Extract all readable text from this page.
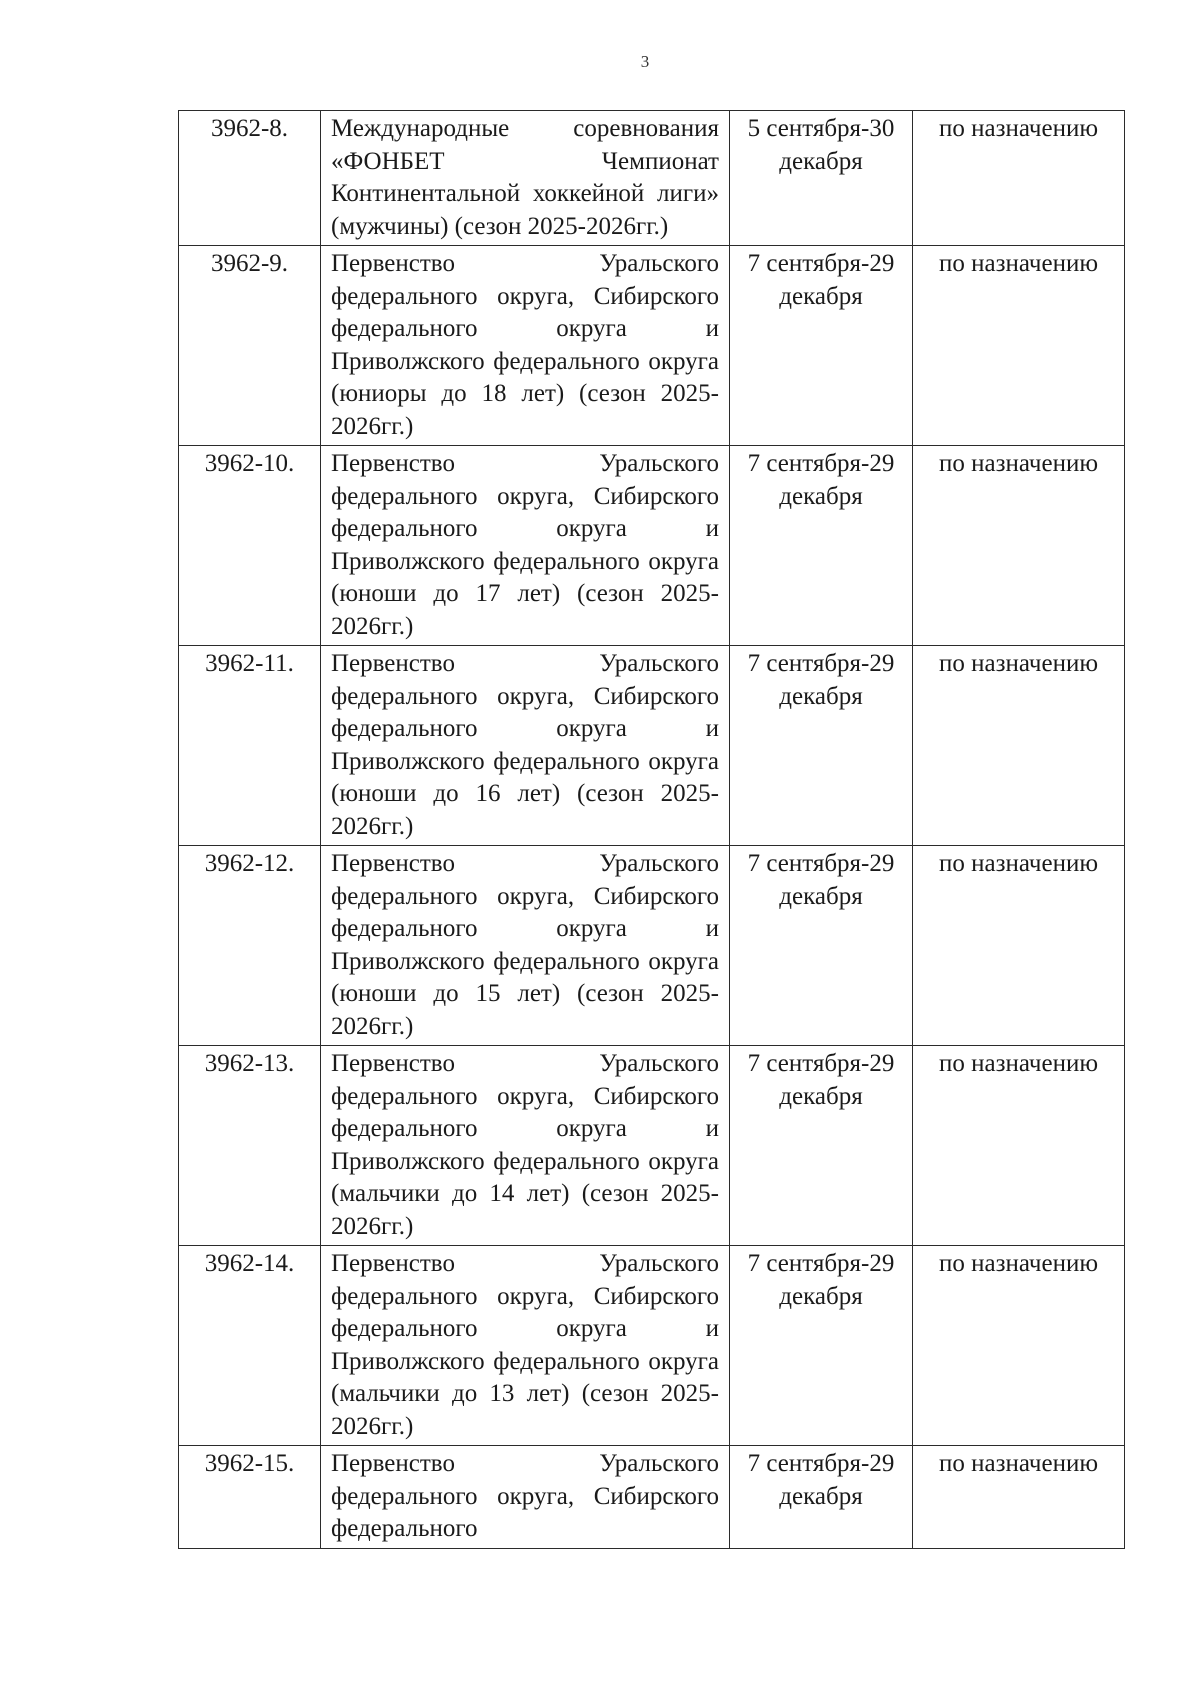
3
3962-8.	Международные соревнования «ФОНБЕТ Чемпионат Континентальной хоккейной лиги» (мужчины) (сезон 2025-2026гг.)	5 сентября-30 декабря	по назначению
3962-9.	Первенство Уральского федерального округа, Сибирского федерального округа и Приволжского федерального округа (юниоры до 18 лет) (сезон 2025-2026гг.)	7 сентября-29 декабря	по назначению
3962-10.	Первенство Уральского федерального округа, Сибирского федерального округа и Приволжского федерального округа (юноши до 17 лет) (сезон 2025-2026гг.)	7 сентября-29 декабря	по назначению
3962-11.	Первенство Уральского федерального округа, Сибирского федерального округа и Приволжского федерального округа (юноши до 16 лет) (сезон 2025-2026гг.)	7 сентября-29 декабря	по назначению
3962-12.	Первенство Уральского федерального округа, Сибирского федерального округа и Приволжского федерального округа (юноши до 15 лет) (сезон 2025-2026гг.)	7 сентября-29 декабря	по назначению
3962-13.	Первенство Уральского федерального округа, Сибирского федерального округа и Приволжского федерального округа (мальчики до 14 лет) (сезон 2025-2026гг.)	7 сентября-29 декабря	по назначению
3962-14.	Первенство Уральского федерального округа, Сибирского федерального округа и Приволжского федерального округа (мальчики до 13 лет) (сезон 2025-2026гг.)	7 сентября-29 декабря	по назначению
3962-15.	Первенство Уральского федерального округа, Сибирского федерального	7 сентября-29 декабря	по назначению
